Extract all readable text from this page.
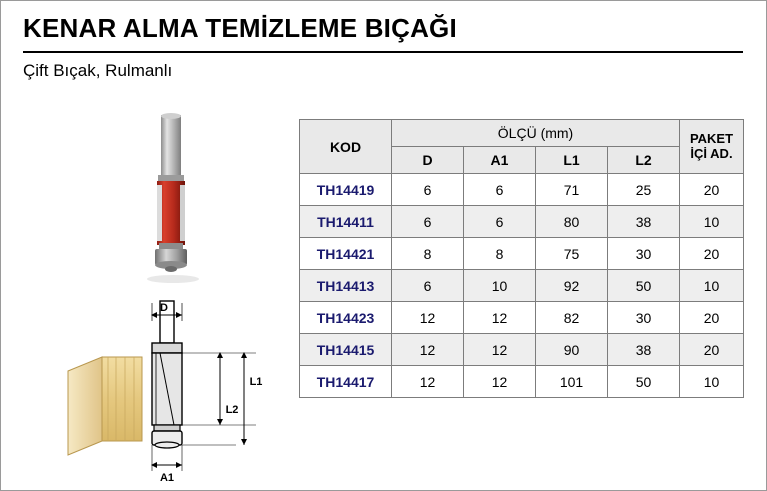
KENAR ALMA TEMİZLEME BIÇAĞI
Çift Bıçak, Rulmanlı
D
L1
L2
A1
KOD	ÖLÇÜ (mm)				PAKET
İÇİ AD.
	D	A1	L1	L2	
TH14419	6	6	71	25	20
TH14411	6	6	80	38	10
TH14421	8	8	75	30	20
TH14413	6	10	92	50	10
TH14423	12	12	82	30	20
TH14415	12	12	90	38	20
TH14417	12	12	101	50	10
